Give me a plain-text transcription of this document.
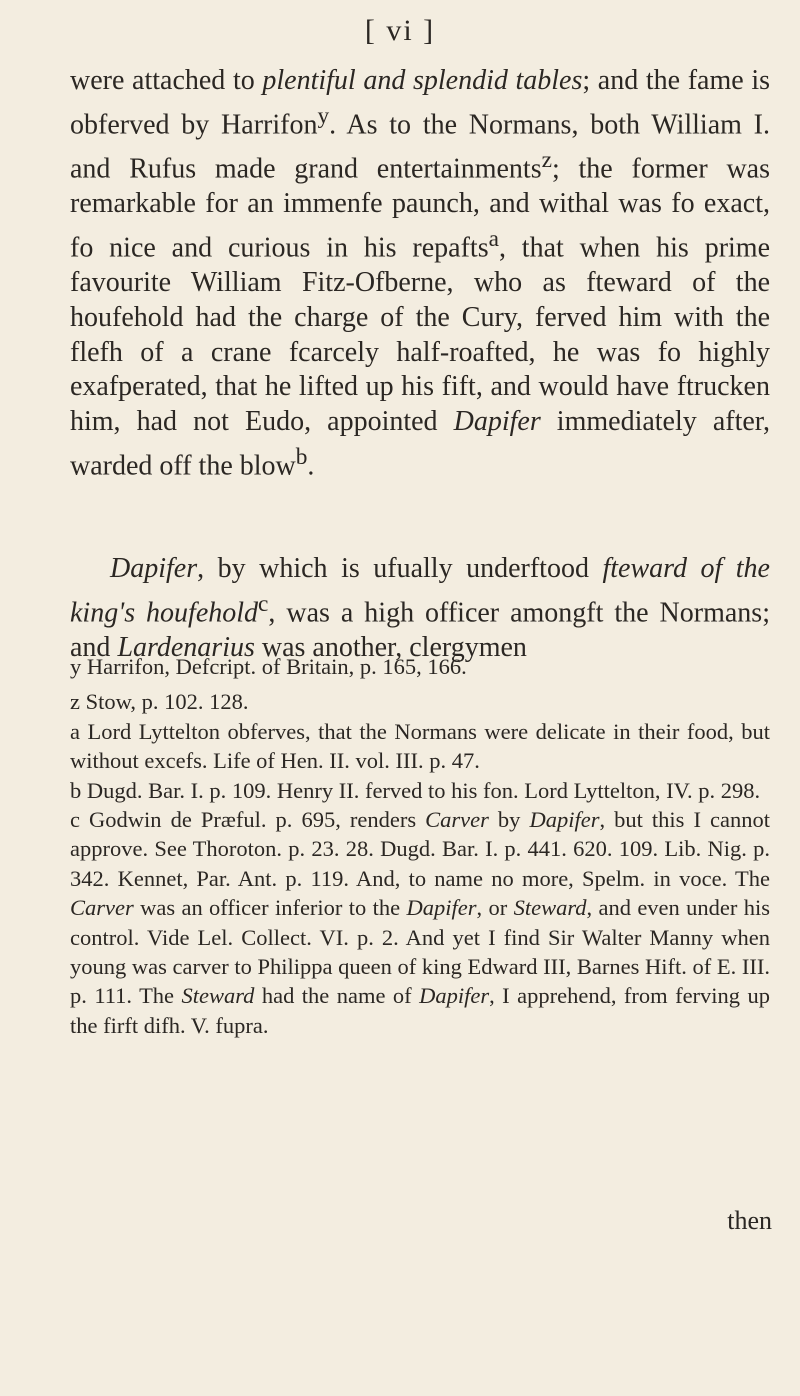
[ vi ]

were attached to plentiful and splendid tables; and the fame is obferved by Harrifon$^y$. As to the Normans, both William I. and Rufus made grand entertainments$^z$; the former was remarkable for an immenfe paunch, and withal was fo exact, fo nice and curious in his repafts$^a$, that when his prime favourite William Fitz-Ofberne, who as fteward of the houfehold had the charge of the Cury, ferved him with the flefh of a crane fcarcely half-roafted, he was fo highly exafperated, that he lifted up his fift, and would have ftrucken him, had not Eudo, appointed Dapifer immediately after, warded off the blow$^b$.

Dapifer, by which is ufually underftood fteward of the king's houfehold$^c$, was a high officer amongft the Normans; and Lardenarius was another, clergymen

y Harrifon, Defcript. of Britain, p. 165, 166.

z Stow, p. 102. 128.

a Lord Lyttelton obferves, that the Normans were delicate in their food, but without excefs. Life of Hen. II. vol. III. p. 47.

b Dugd. Bar. I. p. 109. Henry II. ferved to his fon. Lord Lyttelton, IV. p. 298.

c Godwin de Præful. p. 695, renders Carver by Dapifer, but this I cannot approve. See Thoroton. p. 23. 28. Dugd. Bar. I. p. 441. 620. 109. Lib. Nig. p. 342. Kennet, Par. Ant. p. 119. And, to name no more, Spelm. in voce. The Carver was an officer inferior to the Dapifer, or Steward, and even under his control. Vide Lel. Collect. VI. p. 2. And yet I find Sir Walter Manny when young was carver to Philippa queen of king Edward III, Barnes Hift. of E. III. p. 111. The Steward had the name of Dapifer, I apprehend, from ferving up the firft difh. V. fupra.

then
